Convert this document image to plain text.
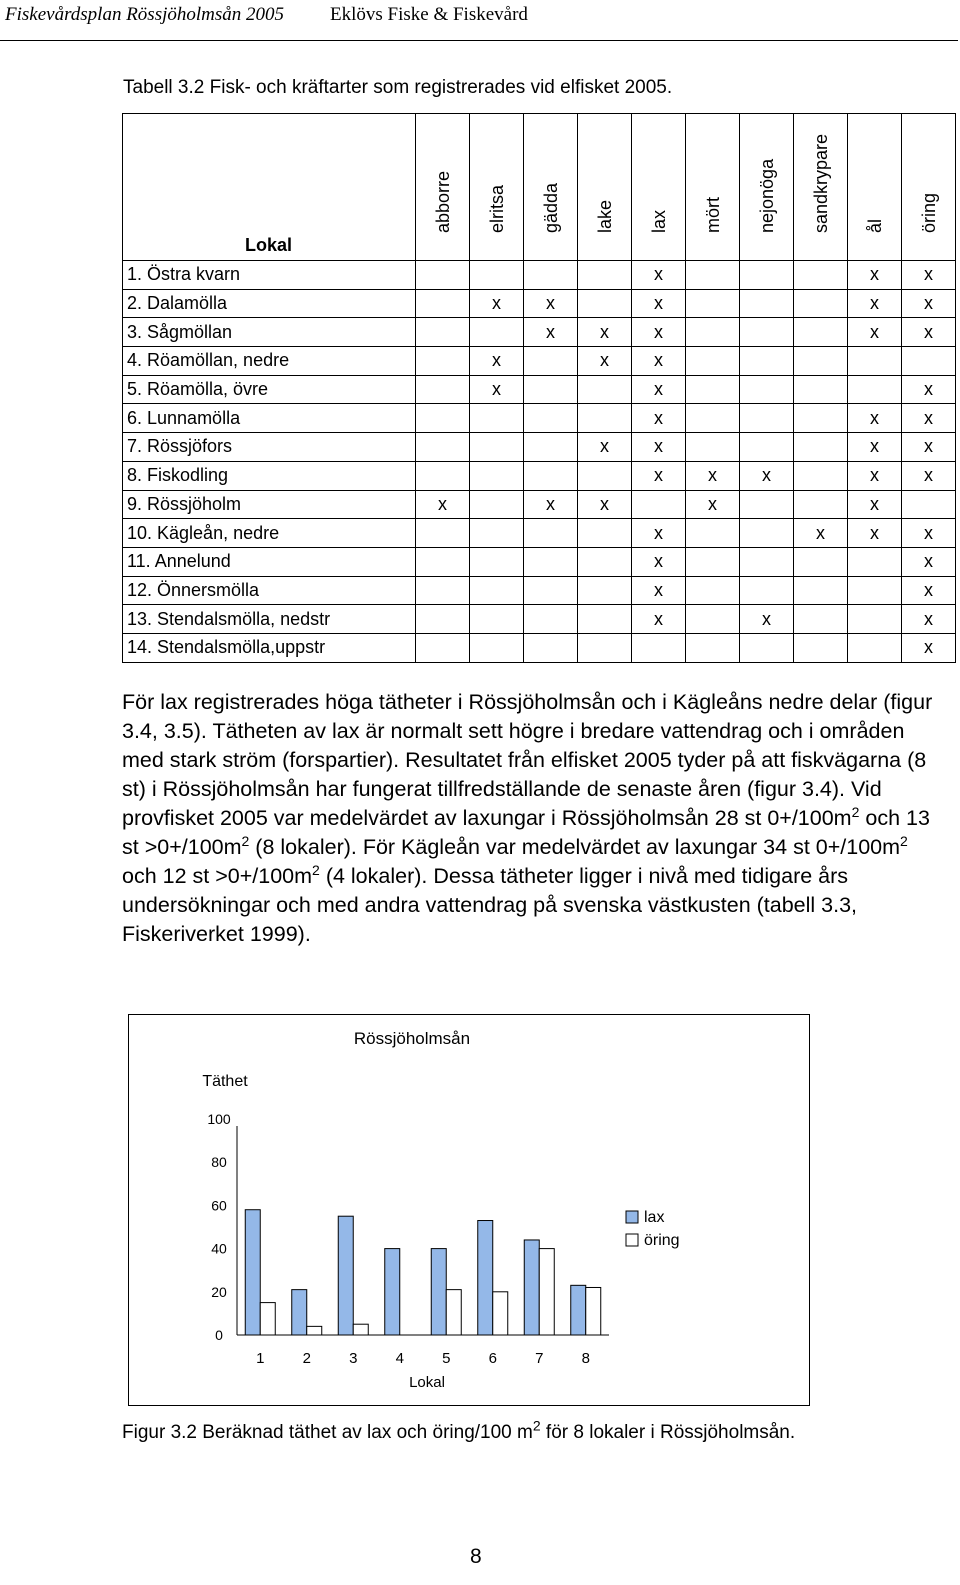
Fiskevårdsplan Rössjöholmsån 2005 Eklövs Fiske & Fiskevård
Tabell 3.2 Fisk- och kräftarter som registrerades vid elfisket 2005.
Lokal	abborre	elritsa	gädda	lake	lax	mört	nejonöga	sandkrypare	ål	öring

1. Östra kvarn					x				x	x
2. Dalamölla		x	x		x				x	x
3. Sågmöllan			x	x	x				x	x
4. Röamöllan, nedre		x		x	x					
5. Röamölla, övre		x			x					x
6. Lunnamölla					x				x	x
7. Rössjöfors				x	x				x	x
8. Fiskodling					x	x	x		x	x
9. Rössjöholm	x		x	x		x			x	
10. Kägleån, nedre					x			x	x	x
11. Annelund					x					x
12. Önnersmölla					x					x
13. Stendalsmölla, nedstr					x		x			x
14. Stendalsmölla,uppstr										x
För lax registrerades höga tätheter i Rössjöholmsån och i Kägleåns nedre delar (figur 3.4, 3.5). Tätheten av lax är normalt sett högre i bredare vattendrag och i områden med stark ström (forspartier). Resultatet från elfisket 2005 tyder på att fiskvägarna (8 st) i Rössjöholmsån har fungerat tillfredställande de senaste åren (figur 3.4). Vid provfisket 2005 var medelvärdet av laxungar i Rössjöholmsån 28 st $0+/100m^2$ och 13 st $>0+/100m^2$ (8 lokaler). För Kägleån var medelvärdet av laxungar 34 st $0+/100m^2$ och 12 st $>0+/100m^2$ (4 lokaler). Dessa tätheter ligger i nivå med tidigare års undersökningar och med andra vattendrag på svenska västkusten (tabell 3.3, Fiskeriverket 1999).
Rössjöholmsån
Täthet
Lokal
0
20
40
60
80
100
1	2	3	4	5	6	7	8
lax
öring
Figur 3.2 Beräknad täthet av lax och öring/100 $m^2$ för 8 lokaler i Rössjöholmsån.
8
